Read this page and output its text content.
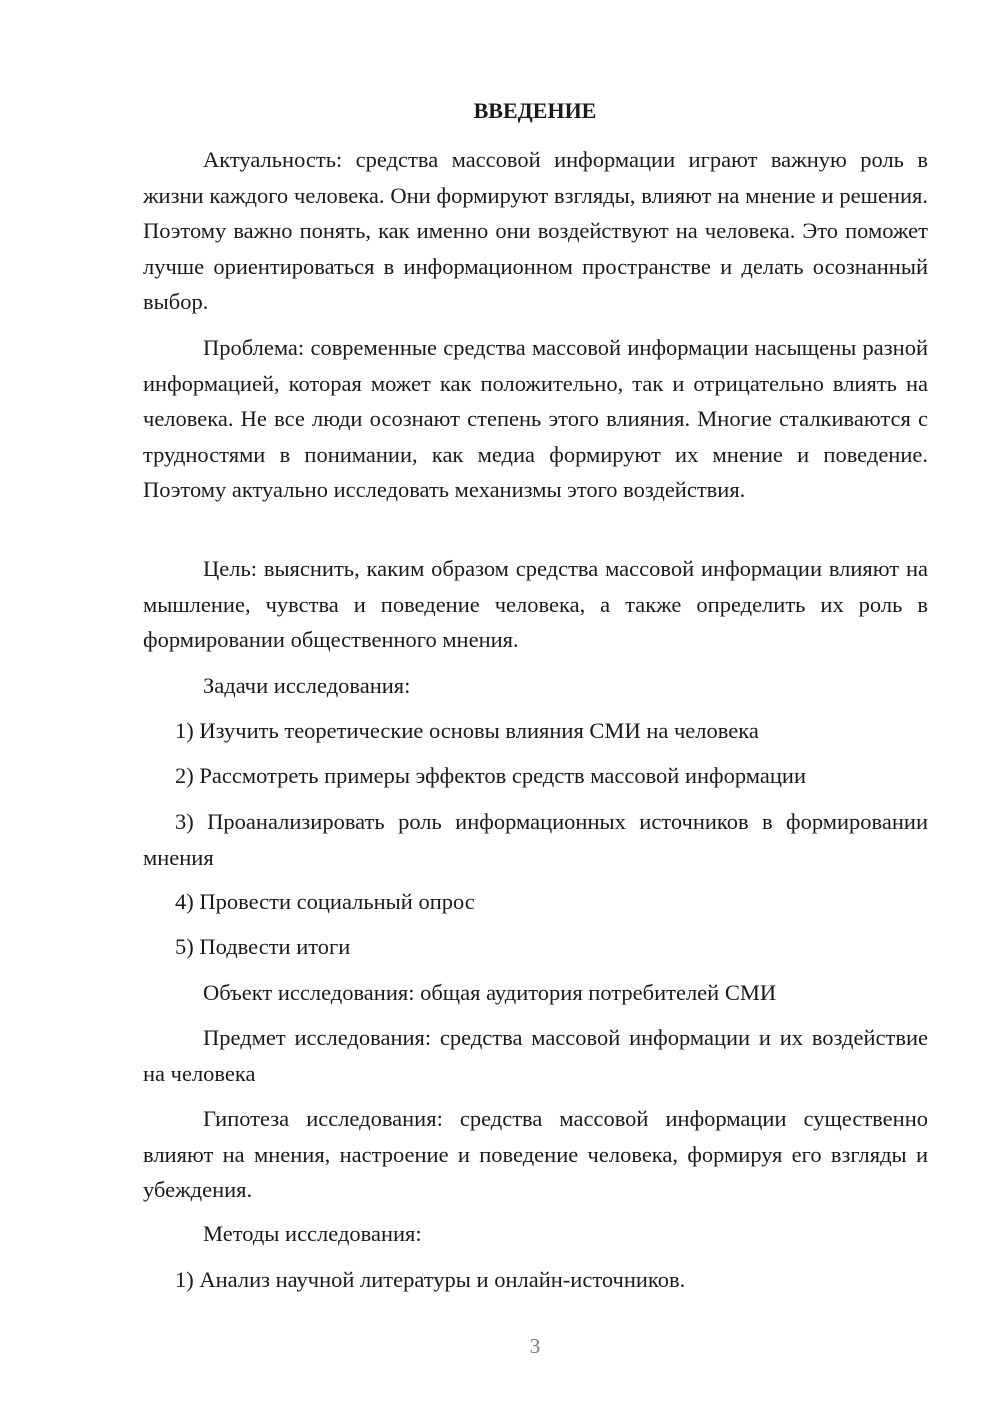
ВВЕДЕНИЕ

Актуальность: средства массовой информации играют важную роль в жизни каждого человека. Они формируют взгляды, влияют на мнение и решения. Поэтому важно понять, как именно они воздействуют на человека. Это поможет лучше ориентироваться в информационном пространстве и делать осознанный выбор.

Проблема: современные средства массовой информации насыщены разной информацией, которая может как положительно, так и отрицательно влиять на человека. Не все люди осознают степень этого влияния. Многие сталкиваются с трудностями в понимании, как медиа формируют их мнение и поведение. Поэтому актуально исследовать механизмы этого воздействия.

Цель: выяснить, каким образом средства массовой информации влияют на мышление, чувства и поведение человека, а также определить их роль в формировании общественного мнения.

Задачи исследования:

1) Изучить теоретические основы влияния СМИ на человека

2) Рассмотреть примеры эффектов средств массовой информации

3) Проанализировать роль информационных источников в формировании мнения

4) Провести социальный опрос

5) Подвести итоги

Объект исследования: общая аудитория потребителей СМИ

Предмет исследования: средства массовой информации и их воздействие на человека

Гипотеза исследования: средства массовой информации существенно влияют на мнения, настроение и поведение человека, формируя его взгляды и убеждения.

Методы исследования:

1) Анализ научной литературы и онлайн-источников.

3
